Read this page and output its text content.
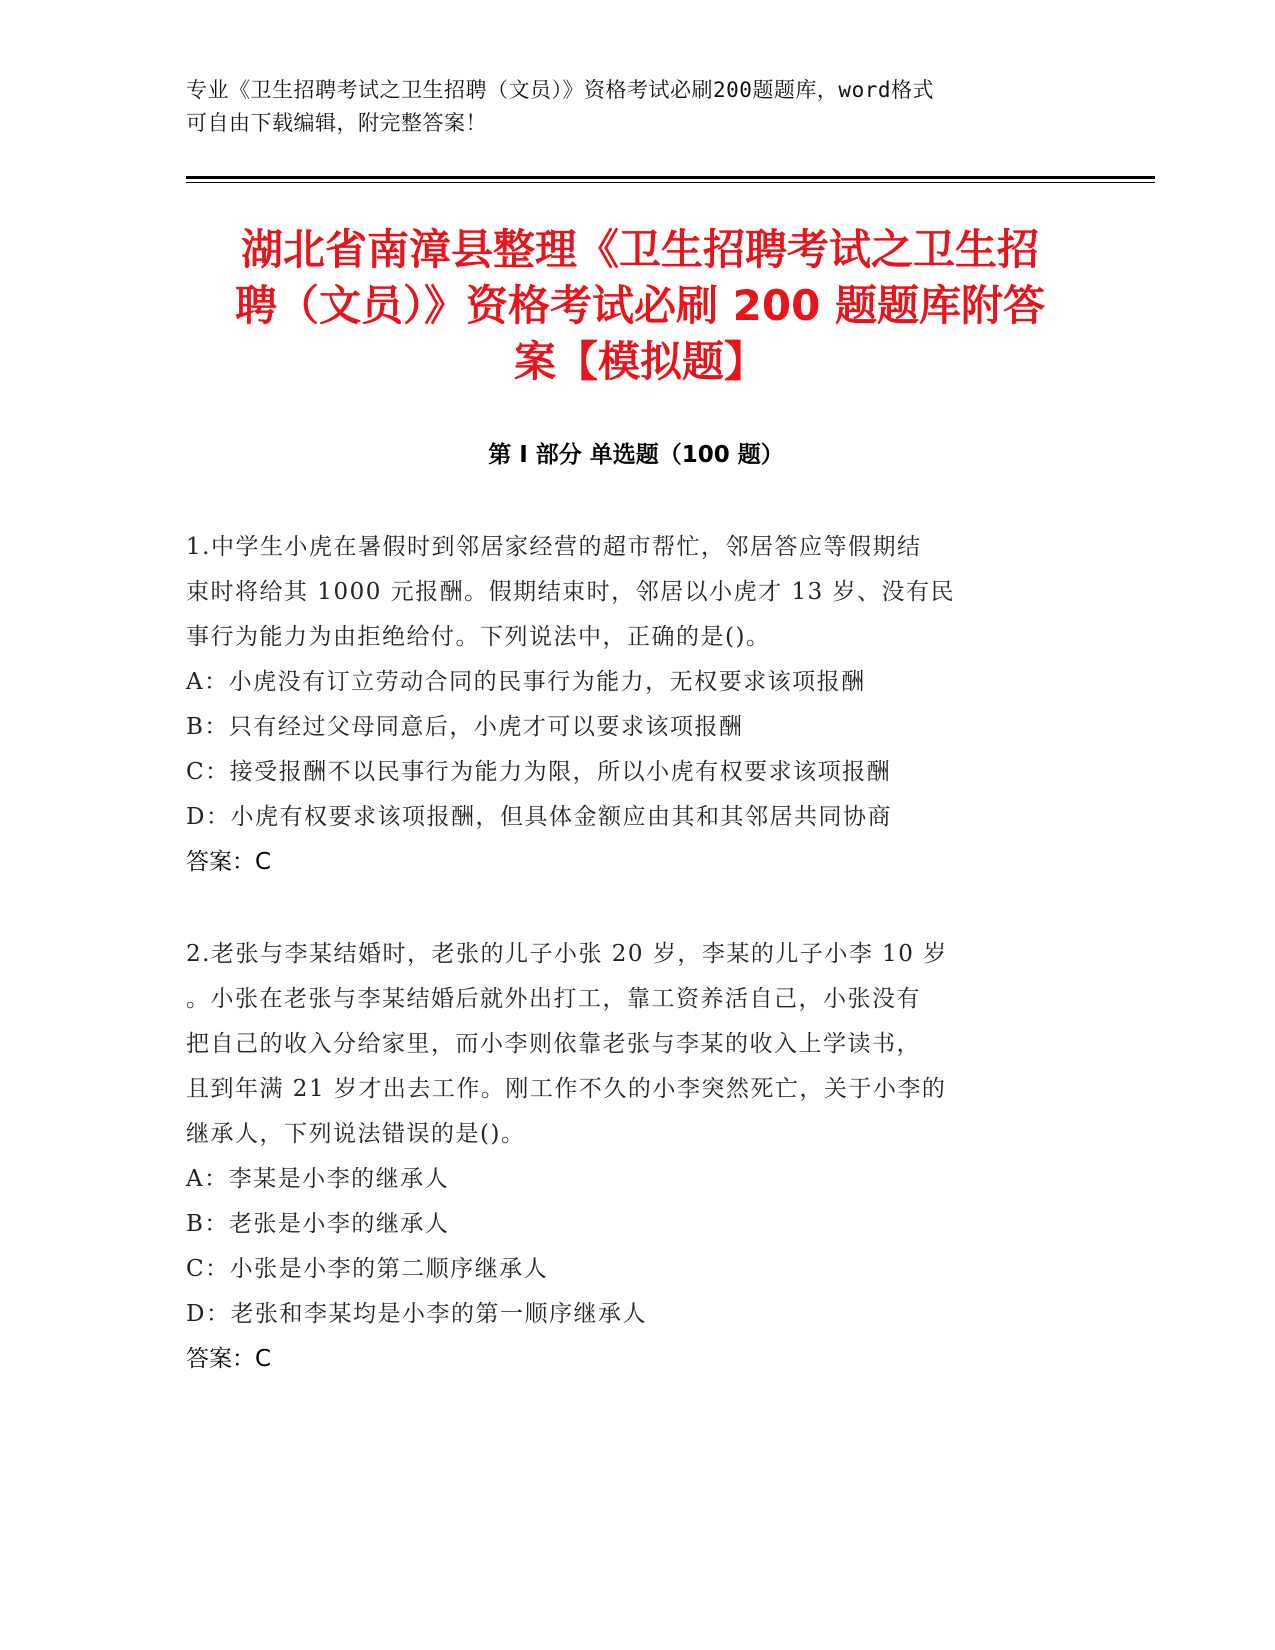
专业《卫生招聘考试之卫生招聘（文员）》资格考试必刷200题题库，word格式
可自由下载编辑，附完整答案！
湖北省南漳县整理《卫生招聘考试之卫生招
聘（文员）》资格考试必刷 200 题题库附答
案【模拟题】
第 I 部分 单选题（100 题）

1.中学生小虎在暑假时到邻居家经营的超市帮忙，邻居答应等假期结

束时将给其 1000 元报酬。假期结束时，邻居以小虎才 13 岁、没有民

事行为能力为由拒绝给付。下列说法中，正确的是()。

A：小虎没有订立劳动合同的民事行为能力，无权要求该项报酬

B：只有经过父母同意后，小虎才可以要求该项报酬

C：接受报酬不以民事行为能力为限，所以小虎有权要求该项报酬

D：小虎有权要求该项报酬，但具体金额应由其和其邻居共同协商

答案：C

2.老张与李某结婚时，老张的儿子小张 20 岁，李某的儿子小李 10 岁

。小张在老张与李某结婚后就外出打工，靠工资养活自己，小张没有

把自己的收入分给家里，而小李则依靠老张与李某的收入上学读书，

且到年满 21 岁才出去工作。刚工作不久的小李突然死亡，关于小李的

继承人，下列说法错误的是()。

A：李某是小李的继承人

B：老张是小李的继承人

C：小张是小李的第二顺序继承人

D：老张和李某均是小李的第一顺序继承人

答案：C
